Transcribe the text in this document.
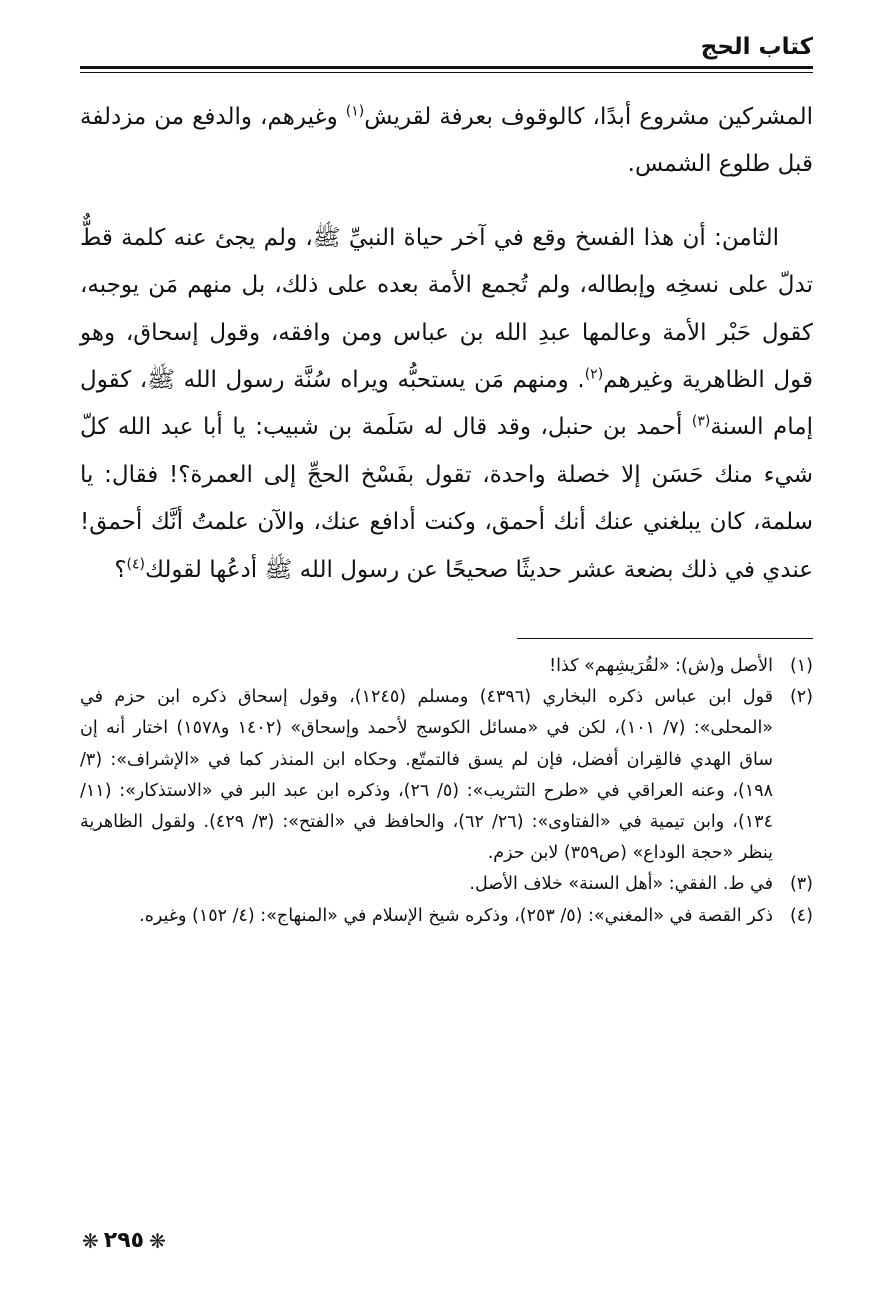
كتاب الحج

المشركين مشروع أبدًا، كالوقوف بعرفة لقريش$^{(١)}$ وغيرهم، والدفع من مزدلفة قبل طلوع الشمس.

الثامن: أن هذا الفسخ وقع في آخر حياة النبيِّ ﷺ، ولم يجئ عنه كلمة قطٌّ تدلّ على نسخِه وإبطاله، ولم تُجمع الأمة بعده على ذلك، بل منهم مَن يوجبه، كقول حَبْر الأمة وعالمها عبدِ الله بن عباس ومن وافقه، وقول إسحاق، وهو قول الظاهرية وغيرهم$^{(٢)}$. ومنهم مَن يستحبُّه ويراه سُنَّة رسول الله ﷺ، كقول إمام السنة$^{(٣)}$ أحمد بن حنبل، وقد قال له سَلَمة بن شبيب: يا أبا عبد الله كلّ شيء منك حَسَن إلا خصلة واحدة، تقول بفَسْخ الحجِّ إلى العمرة؟! فقال: يا سلمة، كان يبلغني عنك أنك أحمق، وكنت أدافع عنك، والآن علمتُ أنَّك أحمق! عندي في ذلك بضعة عشر حديثًا صحيحًا عن رسول الله ﷺ أدعُها لقولك$^{(٤)}$؟

(١)
الأصل و(ش): «لقُرَيشِهم» كذا!
(٢)
قول ابن عباس ذكره البخاري (٤٣٩٦) ومسلم (١٢٤٥)، وقول إسحاق ذكره ابن حزم في «المحلى»: (٧/ ١٠١)، لكن في «مسائل الكوسج لأحمد وإسحاق» (١٤٠٢ و١٥٧٨) اختار أنه إن ساق الهدي فالقِران أفضل، فإن لم يسق فالتمتّع. وحكاه ابن المنذر كما في «الإشراف»: (٣/ ١٩٨)، وعنه العراقي في «طرح التثريب»: (٥/ ٢٦)، وذكره ابن عبد البر في «الاستذكار»: (١١/ ١٣٤)، وابن تيمية في «الفتاوى»: (٢٦/ ٦٢)، والحافظ في «الفتح»: (٣/ ٤٢٩). ولقول الظاهرية ينظر «حجة الوداع» (ص٣٥٩) لابن حزم.
(٣)
في ط. الفقي: «أهل السنة» خلاف الأصل.
(٤)
ذكر القصة في «المغني»: (٥/ ٢٥٣)، وذكره شيخ الإسلام في «المنهاج»: (٤/ ١٥٢) وغيره.
❋ ٢٩٥ ❋
